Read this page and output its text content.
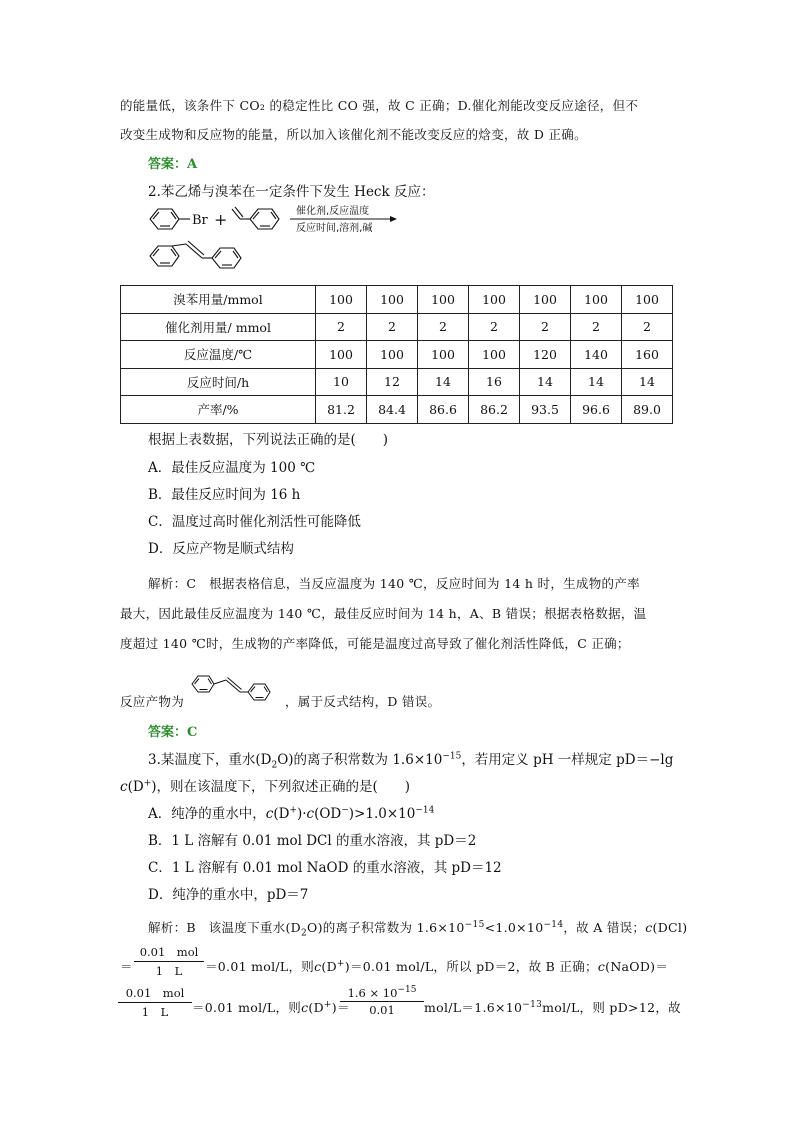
的能量低，该条件下 CO₂ 的稳定性比 CO 强，故 C 正确；D.催化剂能改变反应途径，但不
改变生成物和反应物的能量，所以加入该催化剂不能改变反应的焓变，故 D 正确。
答案：A
2.苯乙烯与溴苯在一定条件下发生 Heck 反应：
Br +	催化剂,反应温度
反应时间,溶剂,碱
溴苯用量/mmol	100	100	100	100	100	100	100
催化剂用量/ mmol	2	2	2	2	2	2	2
反应温度/℃	100	100	100	100	120	140	160
反应时间/h	10	12	14	16	14	14	14
产率/%	81.2	84.4	86.6	86.2	93.5	96.6	89.0
根据上表数据，下列说法正确的是(　　)
A．最佳反应温度为 100 ℃
B．最佳反应时间为 16 h
C．温度过高时催化剂活性可能降低
D．反应产物是顺式结构
解析：C　根据表格信息，当反应温度为 140 ℃，反应时间为 14 h 时，生成物的产率
最大，因此最佳反应温度为 140 ℃，最佳反应时间为 14 h，A、B 错误；根据表格数据，温
度超过 140 ℃时，生成物的产率降低，可能是温度过高导致了催化剂活性降低，C 正确；
反应产物为	，属于反式结构，D 错误。
答案：C
3.某温度下，重水$(D_2O)$的离子积常数为 $1.6\times 10^{-15}$，若用定义 pH 一样规定 pD＝−lg
c(D+)，则在该温度下，下列叙述正确的是(　　)
A．纯净的重水中，$c(D^+)\cdot c(OD^-)>1.0\times 10^{-14}$
B．1 L 溶解有 0.01 mol DCl 的重水溶液，其 pD＝2
C．1 L 溶解有 0.01 mol NaOD 的重水溶液，其 pD＝12
D．纯净的重水中，pD＝7
解析：B　该温度下重水$(D_2O)$的离子积常数为 $1.6\times 10^{-15}<1.0\times 10^{-14}$，故 A 错误；c(DCl)
＝
0.01　mol
1　L	＝0.01 mol/L，则c(D+)＝0.01 mol/L，所以 pD＝2，故 B 正确；c(NaOD)＝
0.01　mol
1　L	＝0.01 mol/L，则c(D+)＝
$\frac{1.6 \times 10^{-15}}{0.01} mol/L=1.6\times 10^{-13}mol/L$，则 pD>12，故
